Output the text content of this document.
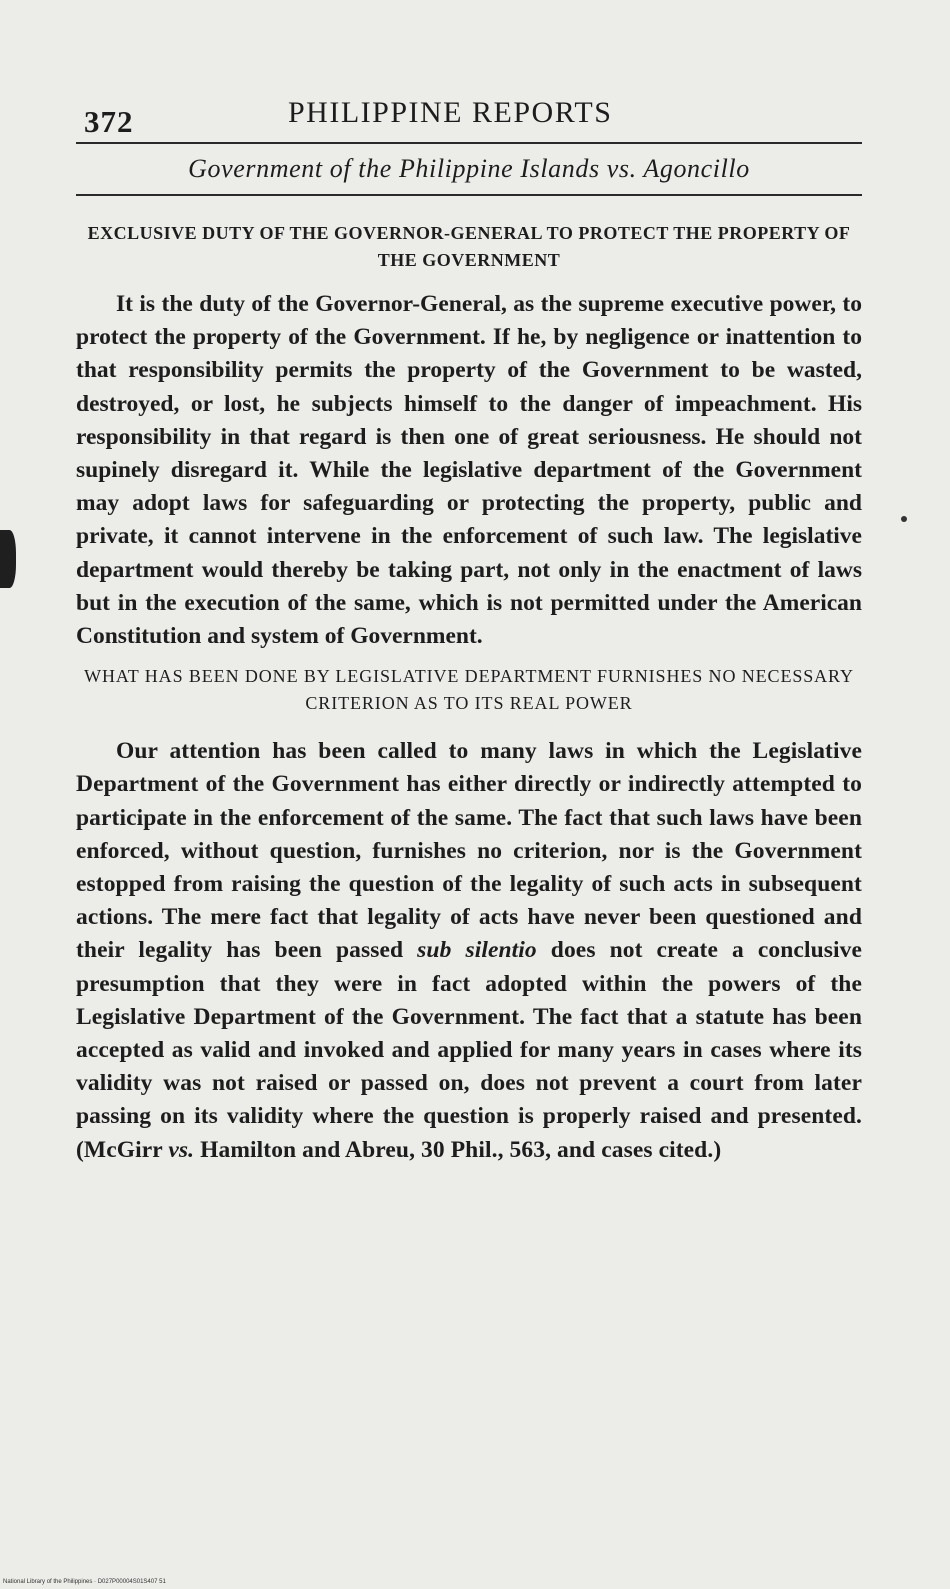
372	PHILIPPINE REPORTS
Government of the Philippine Islands vs. Agoncillo
EXCLUSIVE DUTY OF THE GOVERNOR-GENERAL TO PROTECT THE PROPERTY OF THE GOVERNMENT

It is the duty of the Governor-General, as the supreme executive power, to protect the property of the Government. If he, by negligence or inattention to that responsibility permits the property of the Government to be wasted, destroyed, or lost, he subjects himself to the danger of impeachment. His responsibility in that regard is then one of great seriousness. He should not supinely disregard it. While the legislative department of the Government may adopt laws for safeguarding or protecting the property, public and private, it cannot intervene in the enforcement of such law. The legislative department would thereby be taking part, not only in the enactment of laws but in the execution of the same, which is not permitted under the American Constitution and system of Government.

WHAT HAS BEEN DONE BY LEGISLATIVE DEPARTMENT FURNISHES NO NECESSARY CRITERION AS TO ITS REAL POWER

Our attention has been called to many laws in which the Legislative Department of the Government has either directly or indirectly attempted to participate in the enforcement of the same. The fact that such laws have been enforced, without question, furnishes no criterion, nor is the Government estopped from raising the question of the legality of such acts in subsequent actions. The mere fact that legality of acts have never been questioned and their legality has been passed sub silentio does not create a conclusive presumption that they were in fact adopted within the powers of the Legislative Department of the Government. The fact that a statute has been accepted as valid and invoked and applied for many years in cases where its validity was not raised or passed on, does not prevent a court from later passing on its validity where the question is properly raised and presented. (McGirr vs. Hamilton and Abreu, 30 Phil., 563, and cases cited.)

National Library of the Philippines · D027P00004S01S407 51
